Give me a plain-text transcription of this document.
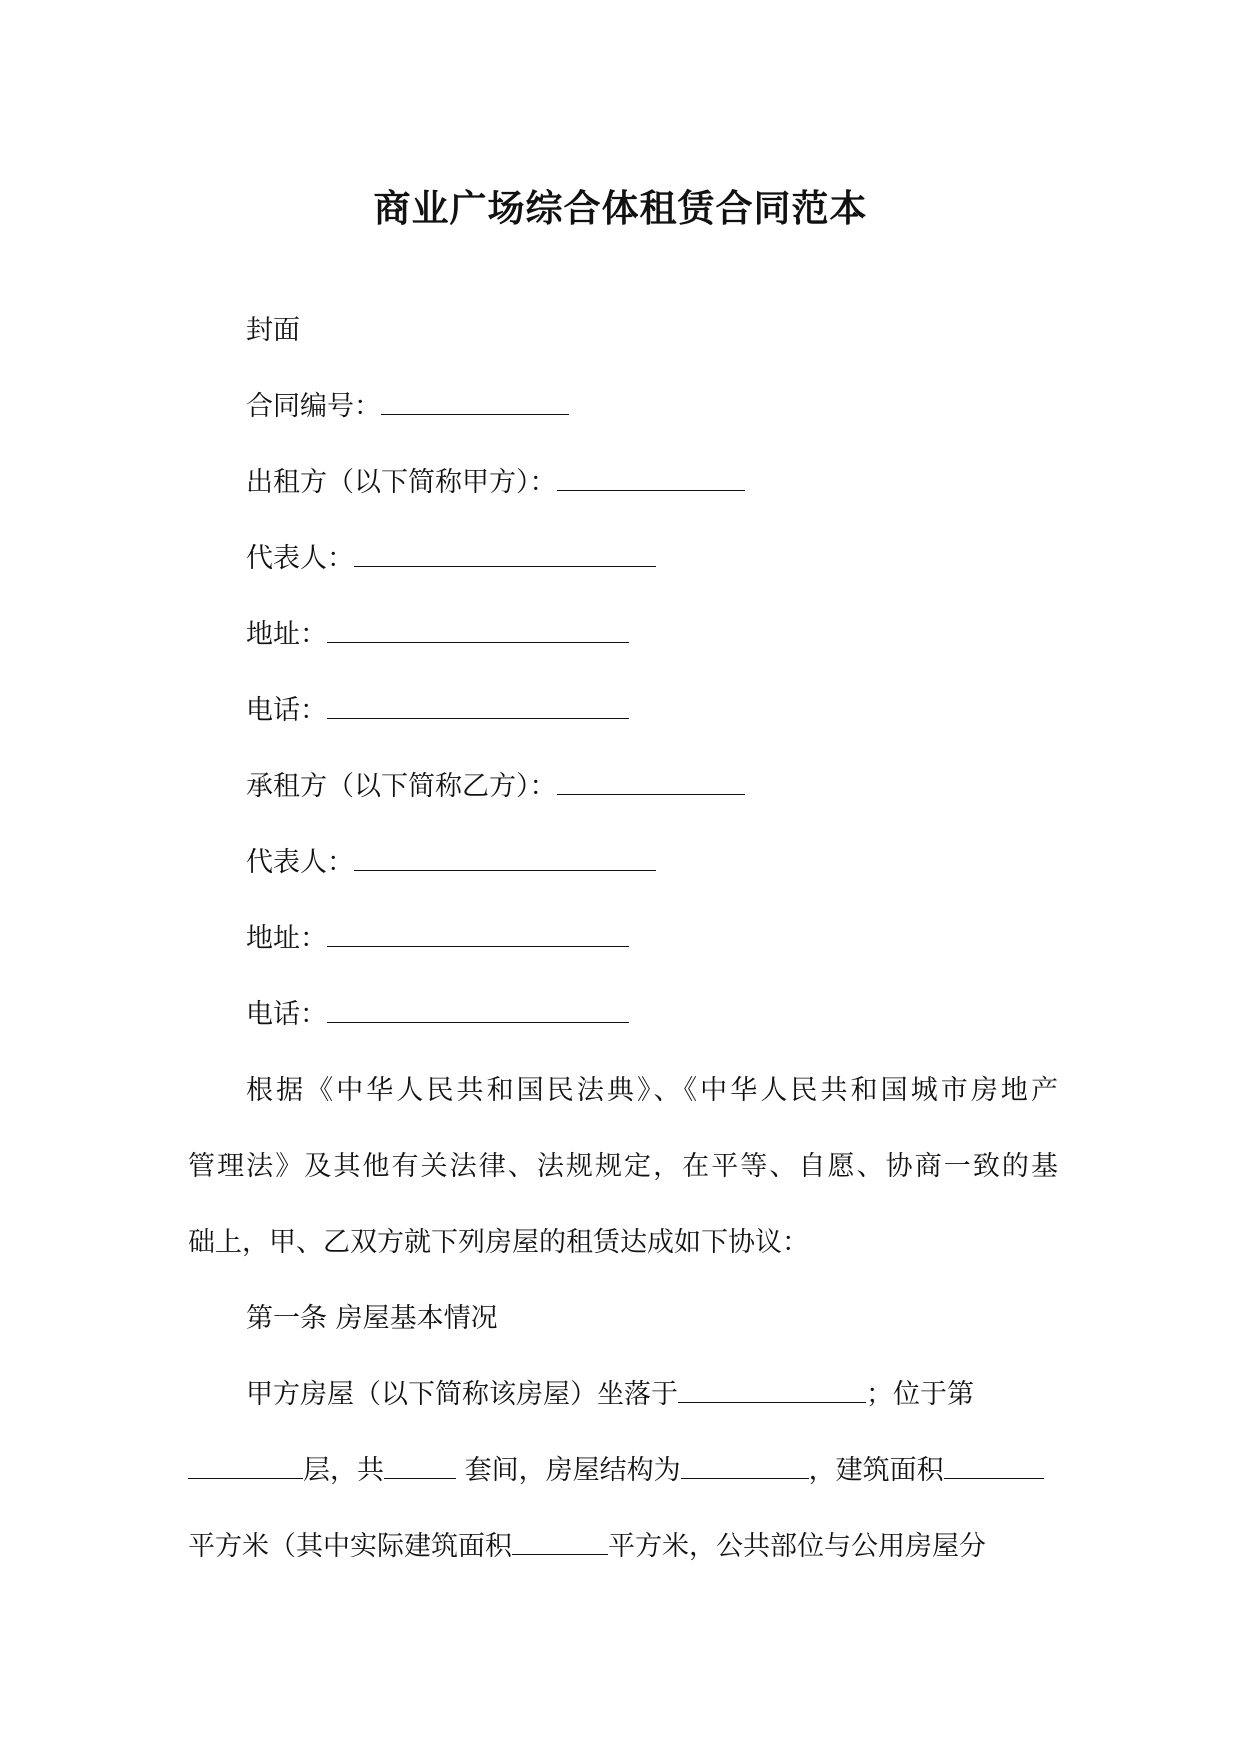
商业广场综合体租赁合同范本
封面
合同编号：
出租方（以下简称甲方）：
代表人：
地址：
电话：
承租方（以下简称乙方）：
代表人：
地址：
电话：
根据《中华人民共和国民法典》、《中华人民共和国城市房地产
管理法》及其他有关法律、法规规定，在平等、自愿、协商一致的基
础上，甲、乙双方就下列房屋的租赁达成如下协议：
第一条 房屋基本情况
甲方房屋（以下简称该房屋）坐落于	；位于第
层，共	套间，房屋结构为	，建筑面积
平方米（其中实际建筑面积	平方米，公共部位与公用房屋分
